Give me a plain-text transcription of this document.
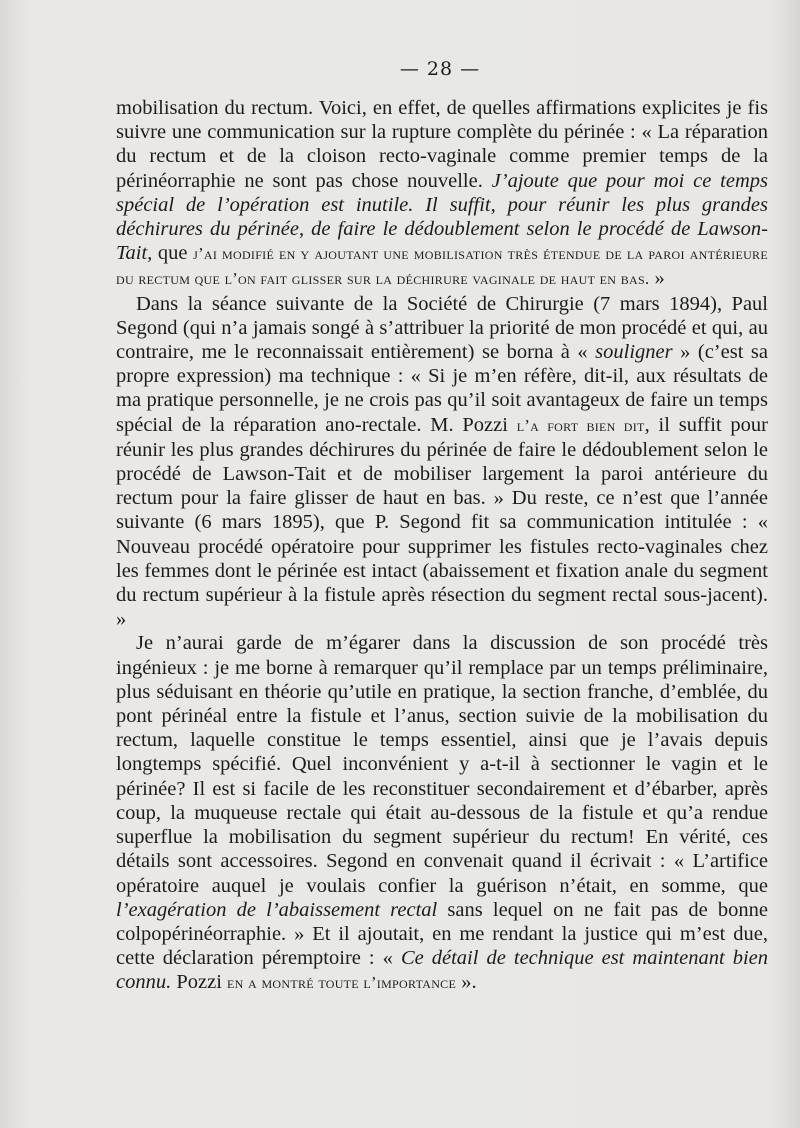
— 28 —

mobilisation du rectum. Voici, en effet, de quelles affirmations explicites je fis suivre une communication sur la rupture complète du périnée : « La réparation du rectum et de la cloison recto-vaginale comme premier temps de la périnéorraphie ne sont pas chose nouvelle. J’ajoute que pour moi ce temps spécial de l’opération est inutile. Il suffit, pour réunir les plus grandes déchirures du périnée, de faire le dédoublement selon le procédé de Lawson-Tait, que j’ai modifié en y ajoutant une mobilisation très étendue de la paroi antérieure du rectum que l’on fait glisser sur la déchirure vaginale de haut en bas. »

Dans la séance suivante de la Société de Chirurgie (7 mars 1894), Paul Segond (qui n’a jamais songé à s’attribuer la priorité de mon procédé et qui, au contraire, me le reconnaissait entièrement) se borna à « souligner » (c’est sa propre expression) ma technique : « Si je m’en réfère, dit-il, aux résultats de ma pratique personnelle, je ne crois pas qu’il soit avantageux de faire un temps spécial de la réparation ano-rectale. M. Pozzi l’a fort bien dit, il suffit pour réunir les plus grandes déchirures du périnée de faire le dédoublement selon le procédé de Lawson-Tait et de mobiliser largement la paroi antérieure du rectum pour la faire glisser de haut en bas. » Du reste, ce n’est que l’année suivante (6 mars 1895), que P. Segond fit sa communication intitulée : « Nouveau procédé opératoire pour supprimer les fistules recto-vaginales chez les femmes dont le périnée est intact (abaissement et fixation anale du segment du rectum supérieur à la fistule après résection du segment rectal sous-jacent). »

Je n’aurai garde de m’égarer dans la discussion de son procédé très ingénieux : je me borne à remarquer qu’il remplace par un temps préliminaire, plus séduisant en théorie qu’utile en pratique, la section franche, d’emblée, du pont périnéal entre la fistule et l’anus, section suivie de la mobilisation du rectum, laquelle constitue le temps essentiel, ainsi que je l’avais depuis longtemps spécifié. Quel inconvénient y a-t-il à sectionner le vagin et le périnée? Il est si facile de les reconstituer secondairement et d’ébarber, après coup, la muqueuse rectale qui était au-dessous de la fistule et qu’a rendue superflue la mobilisation du segment supérieur du rectum! En vérité, ces détails sont accessoires. Segond en convenait quand il écrivait : « L’artifice opératoire auquel je voulais confier la guérison n’était, en somme, que l’exagération de l’abaissement rectal sans lequel on ne fait pas de bonne colpopérinéorraphie. » Et il ajoutait, en me rendant la justice qui m’est due, cette déclaration péremptoire : « Ce détail de technique est maintenant bien connu. Pozzi en a montré toute l’importance ».
